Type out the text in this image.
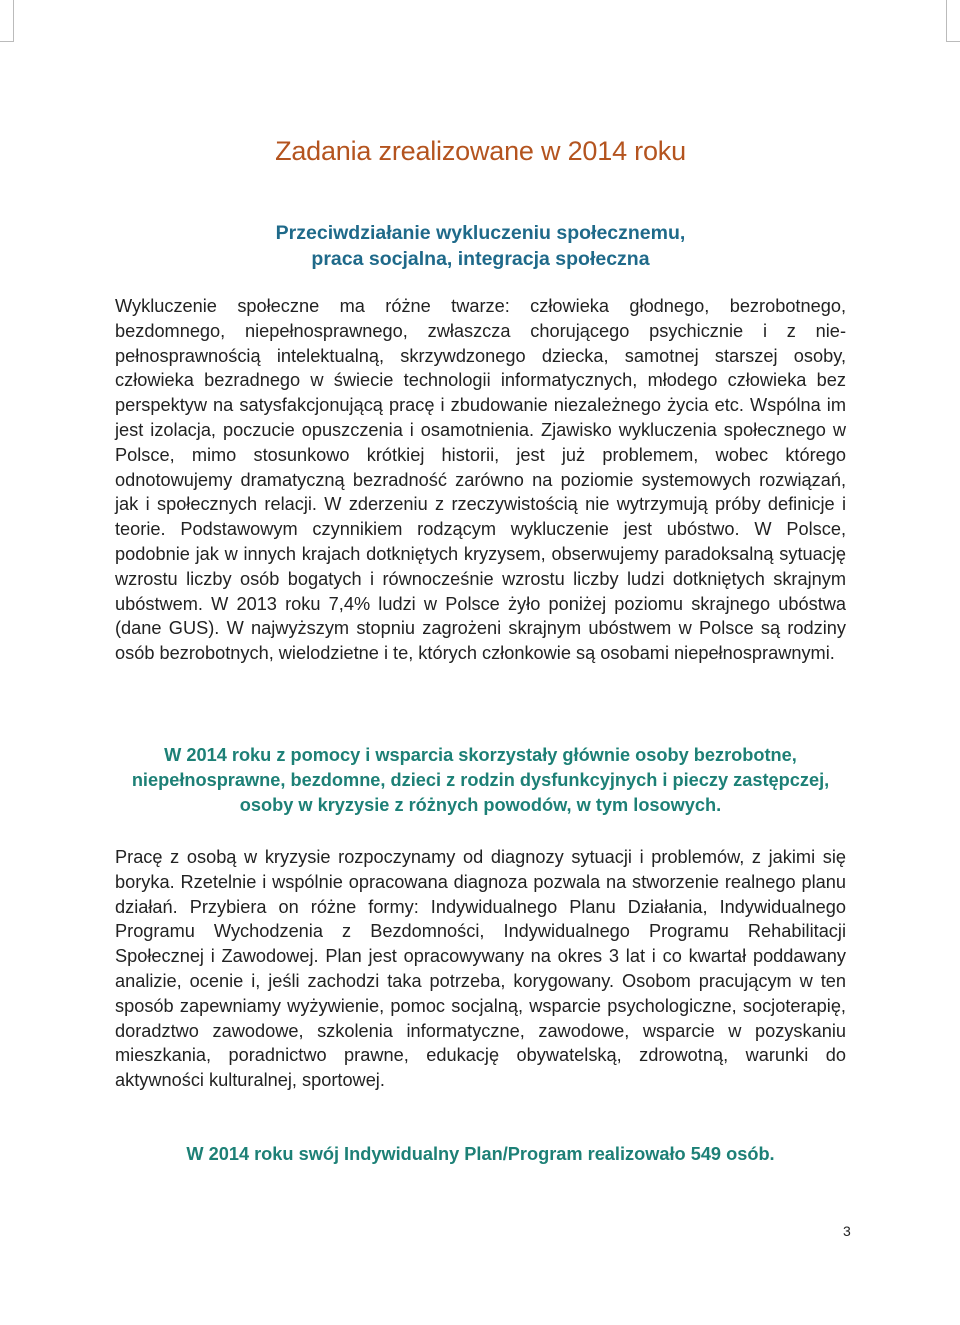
Zadania zrealizowane w 2014 roku
Przeciwdziałanie wykluczeniu społecznemu,
praca socjalna, integracja społeczna

Wykluczenie społeczne ma różne twarze: człowieka głodnego, bezrobotnego, bezdomnego, niepełnosprawnego, zwłaszcza chorującego psychicznie i z niepełnosprawnością intelektualną, skrzywdzonego dziecka, samotnej starszej osoby, człowieka bezradnego w świecie technologii informatycznych, młodego człowieka bez perspektyw na satysfakcjonującą pracę i zbudowanie niezależnego życia etc. Wspólna im jest izolacja, poczucie opuszczenia i osamotnienia. Zjawisko wykluczenia społecznego w Polsce, mimo stosunkowo krótkiej historii, jest już problemem, wobec którego odnotowujemy dramatyczną bezradność zarówno na poziomie systemowych rozwiązań, jak i społecznych relacji. W zderzeniu z rzeczywistością nie wytrzymują próby definicje i teorie. Podstawowym czynnikiem rodzącym wykluczenie jest ubóstwo. W Polsce, podobnie jak w innych krajach dotkniętych kryzysem, obserwujemy paradoksalną sytuację wzrostu liczby osób bogatych i równocześnie wzrostu liczby ludzi dotkniętych skrajnym ubóstwem. W 2013 roku 7,4% ludzi w Polsce żyło poniżej poziomu skrajnego ubóstwa (dane GUS). W najwyższym stopniu zagrożeni skrajnym ubóstwem w Polsce są rodziny osób bezrobotnych, wielodzietne i te, których członkowie są osobami niepełnosprawnymi.

W 2014 roku z pomocy i wsparcia skorzystały głównie osoby bezrobotne, niepełnosprawne, bezdomne, dzieci z rodzin dysfunkcyjnych i pieczy zastępczej, osoby w kryzysie z różnych powodów, w tym losowych.

Pracę z osobą w kryzysie rozpoczynamy od diagnozy sytuacji i problemów, z jakimi się boryka. Rzetelnie i wspólnie opracowana diagnoza pozwala na stworzenie realnego planu działań. Przybiera on różne formy: Indywidualnego Planu Działania, Indywidualnego Programu Wychodzenia z Bezdomności, Indywidualnego Programu Rehabilitacji Społecznej i Zawodowej. Plan jest opracowywany na okres 3 lat i co kwartał poddawany analizie, ocenie i, jeśli zachodzi taka potrzeba, korygowany. Osobom pracującym w ten sposób zapewniamy wyżywienie, pomoc socjalną, wsparcie psychologiczne, socjoterapię, doradztwo zawodowe, szkolenia informatyczne, zawodowe, wsparcie w pozyskaniu mieszkania, poradnictwo prawne, edukację obywatelską, zdrowotną, warunki do aktywności kulturalnej, sportowej.

W 2014 roku swój Indywidualny Plan/Program realizowało 549 osób.

3
